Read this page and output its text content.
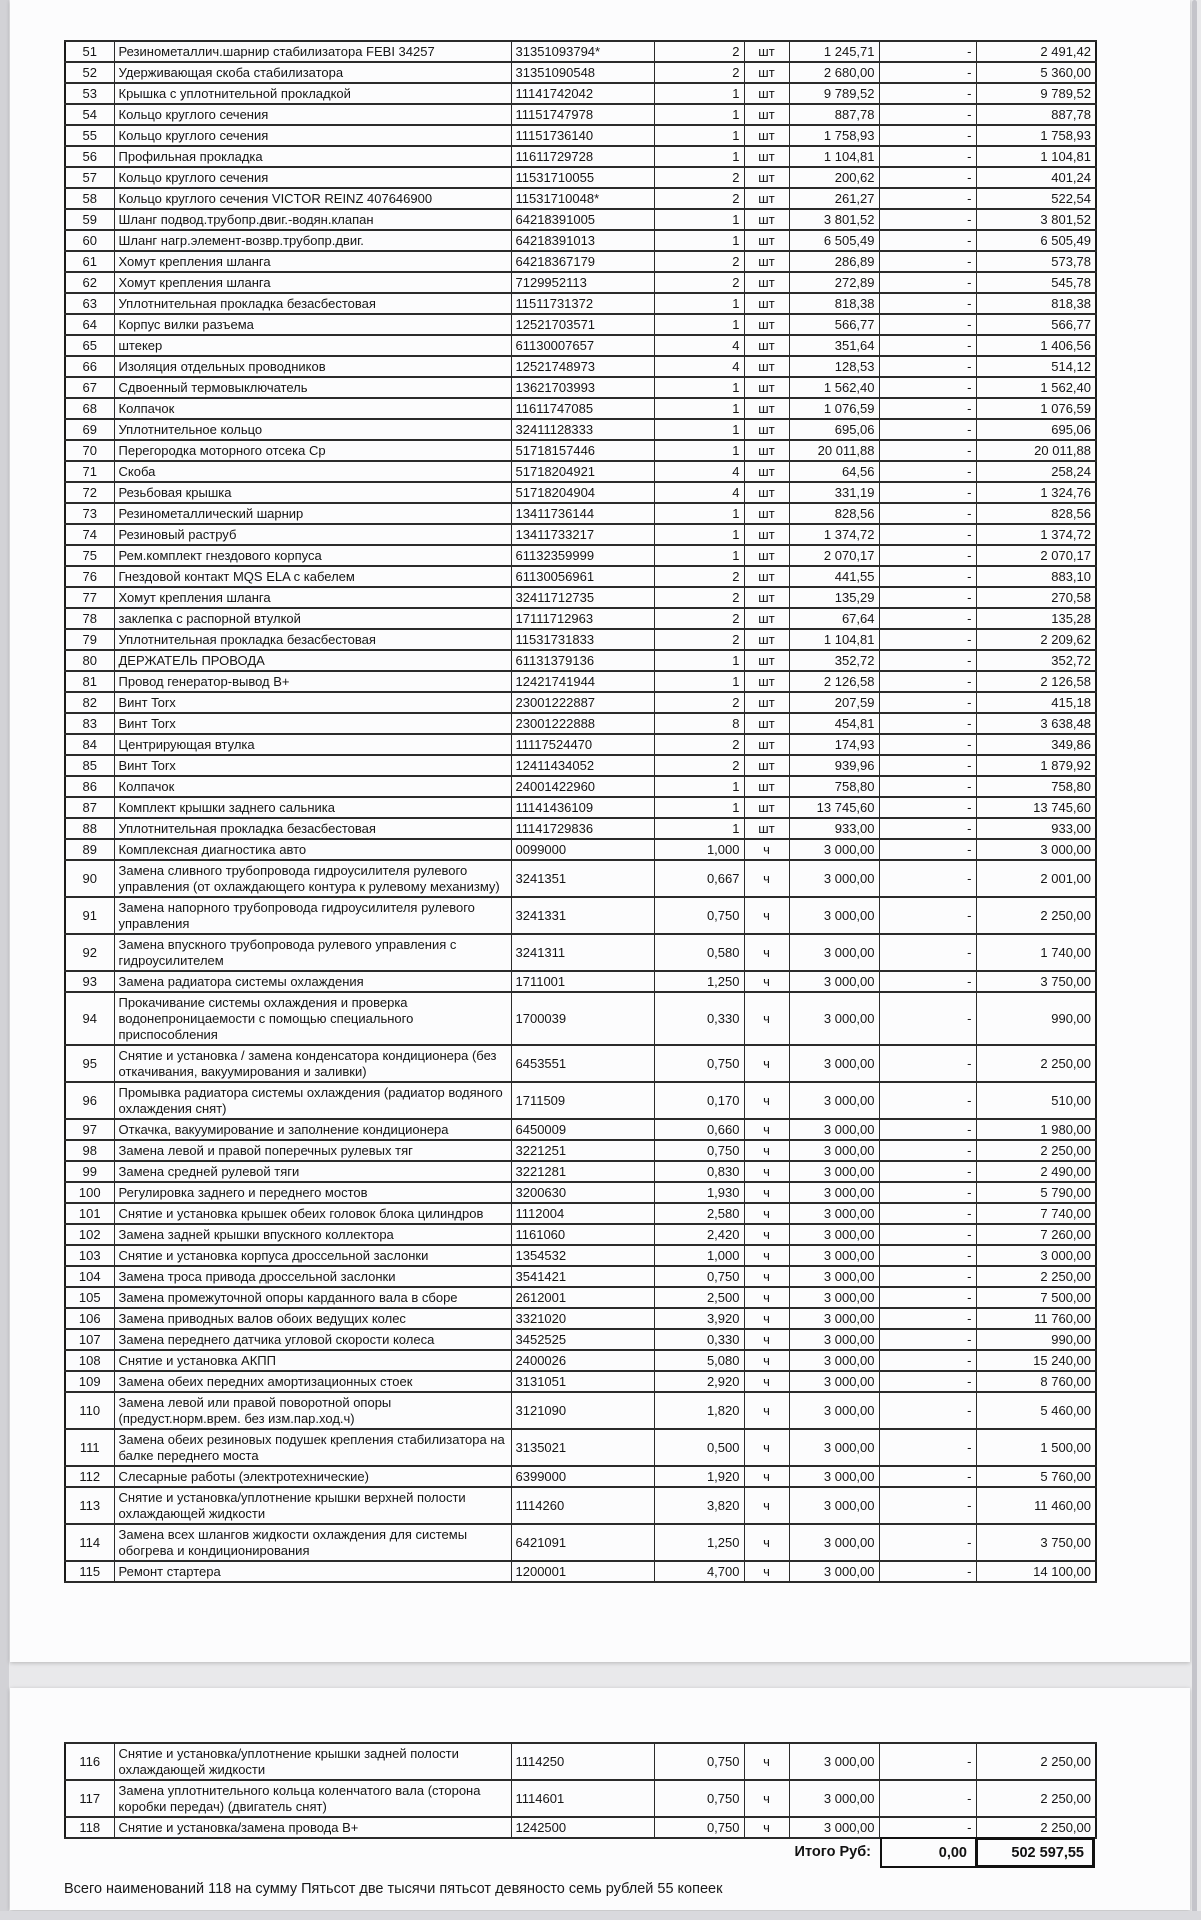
51	Резинометаллич.шарнир стабилизатора FEBI 34257	31351093794*	2	шт	1 245,71	-	2 491,42
52	Удерживающая скоба стабилизатора	31351090548	2	шт	2 680,00	-	5 360,00
53	Крышка с уплотнительной прокладкой	11141742042	1	шт	9 789,52	-	9 789,52
54	Кольцо круглого сечения	11151747978	1	шт	887,78	-	887,78
55	Кольцо круглого сечения	11151736140	1	шт	1 758,93	-	1 758,93
56	Профильная прокладка	11611729728	1	шт	1 104,81	-	1 104,81
57	Кольцо круглого сечения	11531710055	2	шт	200,62	-	401,24
58	Кольцо круглого сечения VICTOR REINZ 407646900	11531710048*	2	шт	261,27	-	522,54
59	Шланг подвод.трубопр.двиг.-водян.клапан	64218391005	1	шт	3 801,52	-	3 801,52
60	Шланг нагр.элемент-возвр.трубопр.двиг.	64218391013	1	шт	6 505,49	-	6 505,49
61	Хомут крепления шланга	64218367179	2	шт	286,89	-	573,78
62	Хомут крепления шланга	7129952113	2	шт	272,89	-	545,78
63	Уплотнительная прокладка безасбестовая	11511731372	1	шт	818,38	-	818,38
64	Корпус вилки разъема	12521703571	1	шт	566,77	-	566,77
65	штекер	61130007657	4	шт	351,64	-	1 406,56
66	Изоляция отдельных проводников	12521748973	4	шт	128,53	-	514,12
67	Сдвоенный термовыключатель	13621703993	1	шт	1 562,40	-	1 562,40
68	Колпачок	11611747085	1	шт	1 076,59	-	1 076,59
69	Уплотнительное кольцо	32411128333	1	шт	695,06	-	695,06
70	Перегородка моторного отсека Ср	51718157446	1	шт	20 011,88	-	20 011,88
71	Скоба	51718204921	4	шт	64,56	-	258,24
72	Резьбовая крышка	51718204904	4	шт	331,19	-	1 324,76
73	Резинометаллический шарнир	13411736144	1	шт	828,56	-	828,56
74	Резиновый раструб	13411733217	1	шт	1 374,72	-	1 374,72
75	Рем.комплект гнездового корпуса	61132359999	1	шт	2 070,17	-	2 070,17
76	Гнездовой контакт MQS ELA с кабелем	61130056961	2	шт	441,55	-	883,10
77	Хомут крепления шланга	32411712735	2	шт	135,29	-	270,58
78	заклепка с распорной втулкой	17111712963	2	шт	67,64	-	135,28
79	Уплотнительная прокладка безасбестовая	11531731833	2	шт	1 104,81	-	2 209,62
80	ДЕРЖАТЕЛЬ ПРОВОДА	61131379136	1	шт	352,72	-	352,72
81	Провод генератор-вывод B+	12421741944	1	шт	2 126,58	-	2 126,58
82	Винт Torx	23001222887	2	шт	207,59	-	415,18
83	Винт Torx	23001222888	8	шт	454,81	-	3 638,48
84	Центрирующая втулка	11117524470	2	шт	174,93	-	349,86
85	Винт Torx	12411434052	2	шт	939,96	-	1 879,92
86	Колпачок	24001422960	1	шт	758,80	-	758,80
87	Комплект крышки заднего сальника	11141436109	1	шт	13 745,60	-	13 745,60
88	Уплотнительная прокладка безасбестовая	11141729836	1	шт	933,00	-	933,00
89	Комплексная диагностика авто	0099000	1,000	ч	3 000,00	-	3 000,00
90	Замена сливного трубопровода гидроусилителя рулевого управления (от охлаждающего контура к рулевому механизму)	3241351	0,667	ч	3 000,00	-	2 001,00
91	Замена напорного трубопровода гидроусилителя рулевого управления	3241331	0,750	ч	3 000,00	-	2 250,00
92	Замена впускного трубопровода рулевого управления с гидроусилителем	3241311	0,580	ч	3 000,00	-	1 740,00
93	Замена радиатора системы охлаждения	1711001	1,250	ч	3 000,00	-	3 750,00
94	Прокачивание системы охлаждения и проверка водонепроницаемости с помощью специального приспособления	1700039	0,330	ч	3 000,00	-	990,00
95	Снятие и установка / замена конденсатора кондиционера (без откачивания, вакуумирования и заливки)	6453551	0,750	ч	3 000,00	-	2 250,00
96	Промывка радиатора системы охлаждения (радиатор водяного охлаждения снят)	1711509	0,170	ч	3 000,00	-	510,00
97	Откачка, вакуумирование и заполнение кондиционера	6450009	0,660	ч	3 000,00	-	1 980,00
98	Замена левой и правой поперечных рулевых тяг	3221251	0,750	ч	3 000,00	-	2 250,00
99	Замена средней рулевой тяги	3221281	0,830	ч	3 000,00	-	2 490,00
100	Регулировка заднего и переднего мостов	3200630	1,930	ч	3 000,00	-	5 790,00
101	Снятие и установка крышек обеих головок блока цилиндров	1112004	2,580	ч	3 000,00	-	7 740,00
102	Замена задней крышки впускного коллектора	1161060	2,420	ч	3 000,00	-	7 260,00
103	Снятие и установка корпуса дроссельной заслонки	1354532	1,000	ч	3 000,00	-	3 000,00
104	Замена троса привода дроссельной заслонки	3541421	0,750	ч	3 000,00	-	2 250,00
105	Замена промежуточной опоры карданного вала в сборе	2612001	2,500	ч	3 000,00	-	7 500,00
106	Замена приводных валов обоих ведущих колес	3321020	3,920	ч	3 000,00	-	11 760,00
107	Замена переднего датчика угловой скорости колеса	3452525	0,330	ч	3 000,00	-	990,00
108	Снятие и установка АКПП	2400026	5,080	ч	3 000,00	-	15 240,00
109	Замена обеих передних амортизационных стоек	3131051	2,920	ч	3 000,00	-	8 760,00
110	Замена левой или правой поворотной опоры (предуст.норм.врем. без изм.пар.ход.ч)	3121090	1,820	ч	3 000,00	-	5 460,00
111	Замена обеих резиновых подушек крепления стабилизатора на балке переднего моста	3135021	0,500	ч	3 000,00	-	1 500,00
112	Слесарные работы (электротехнические)	6399000	1,920	ч	3 000,00	-	5 760,00
113	Снятие и установка/уплотнение крышки верхней полости охлаждающей жидкости	1114260	3,820	ч	3 000,00	-	11 460,00
114	Замена всех шлангов жидкости охлаждения для системы обогрева и кондиционирования	6421091	1,250	ч	3 000,00	-	3 750,00
115	Ремонт стартера	1200001	4,700	ч	3 000,00	-	14 100,00
116	Снятие и установка/уплотнение крышки задней полости охлаждающей жидкости	1114250	0,750	ч	3 000,00	-	2 250,00
117	Замена уплотнительного кольца коленчатого вала (сторона коробки передач) (двигатель снят)	1114601	0,750	ч	3 000,00	-	2 250,00
118	Снятие и установка/замена провода B+	1242500	0,750	ч	3 000,00	-	2 250,00
Итого Руб:	0,00	502 597,55
Всего наименований 118 на сумму Пятьсот две тысячи пятьсот девяносто семь рублей 55 копеек
